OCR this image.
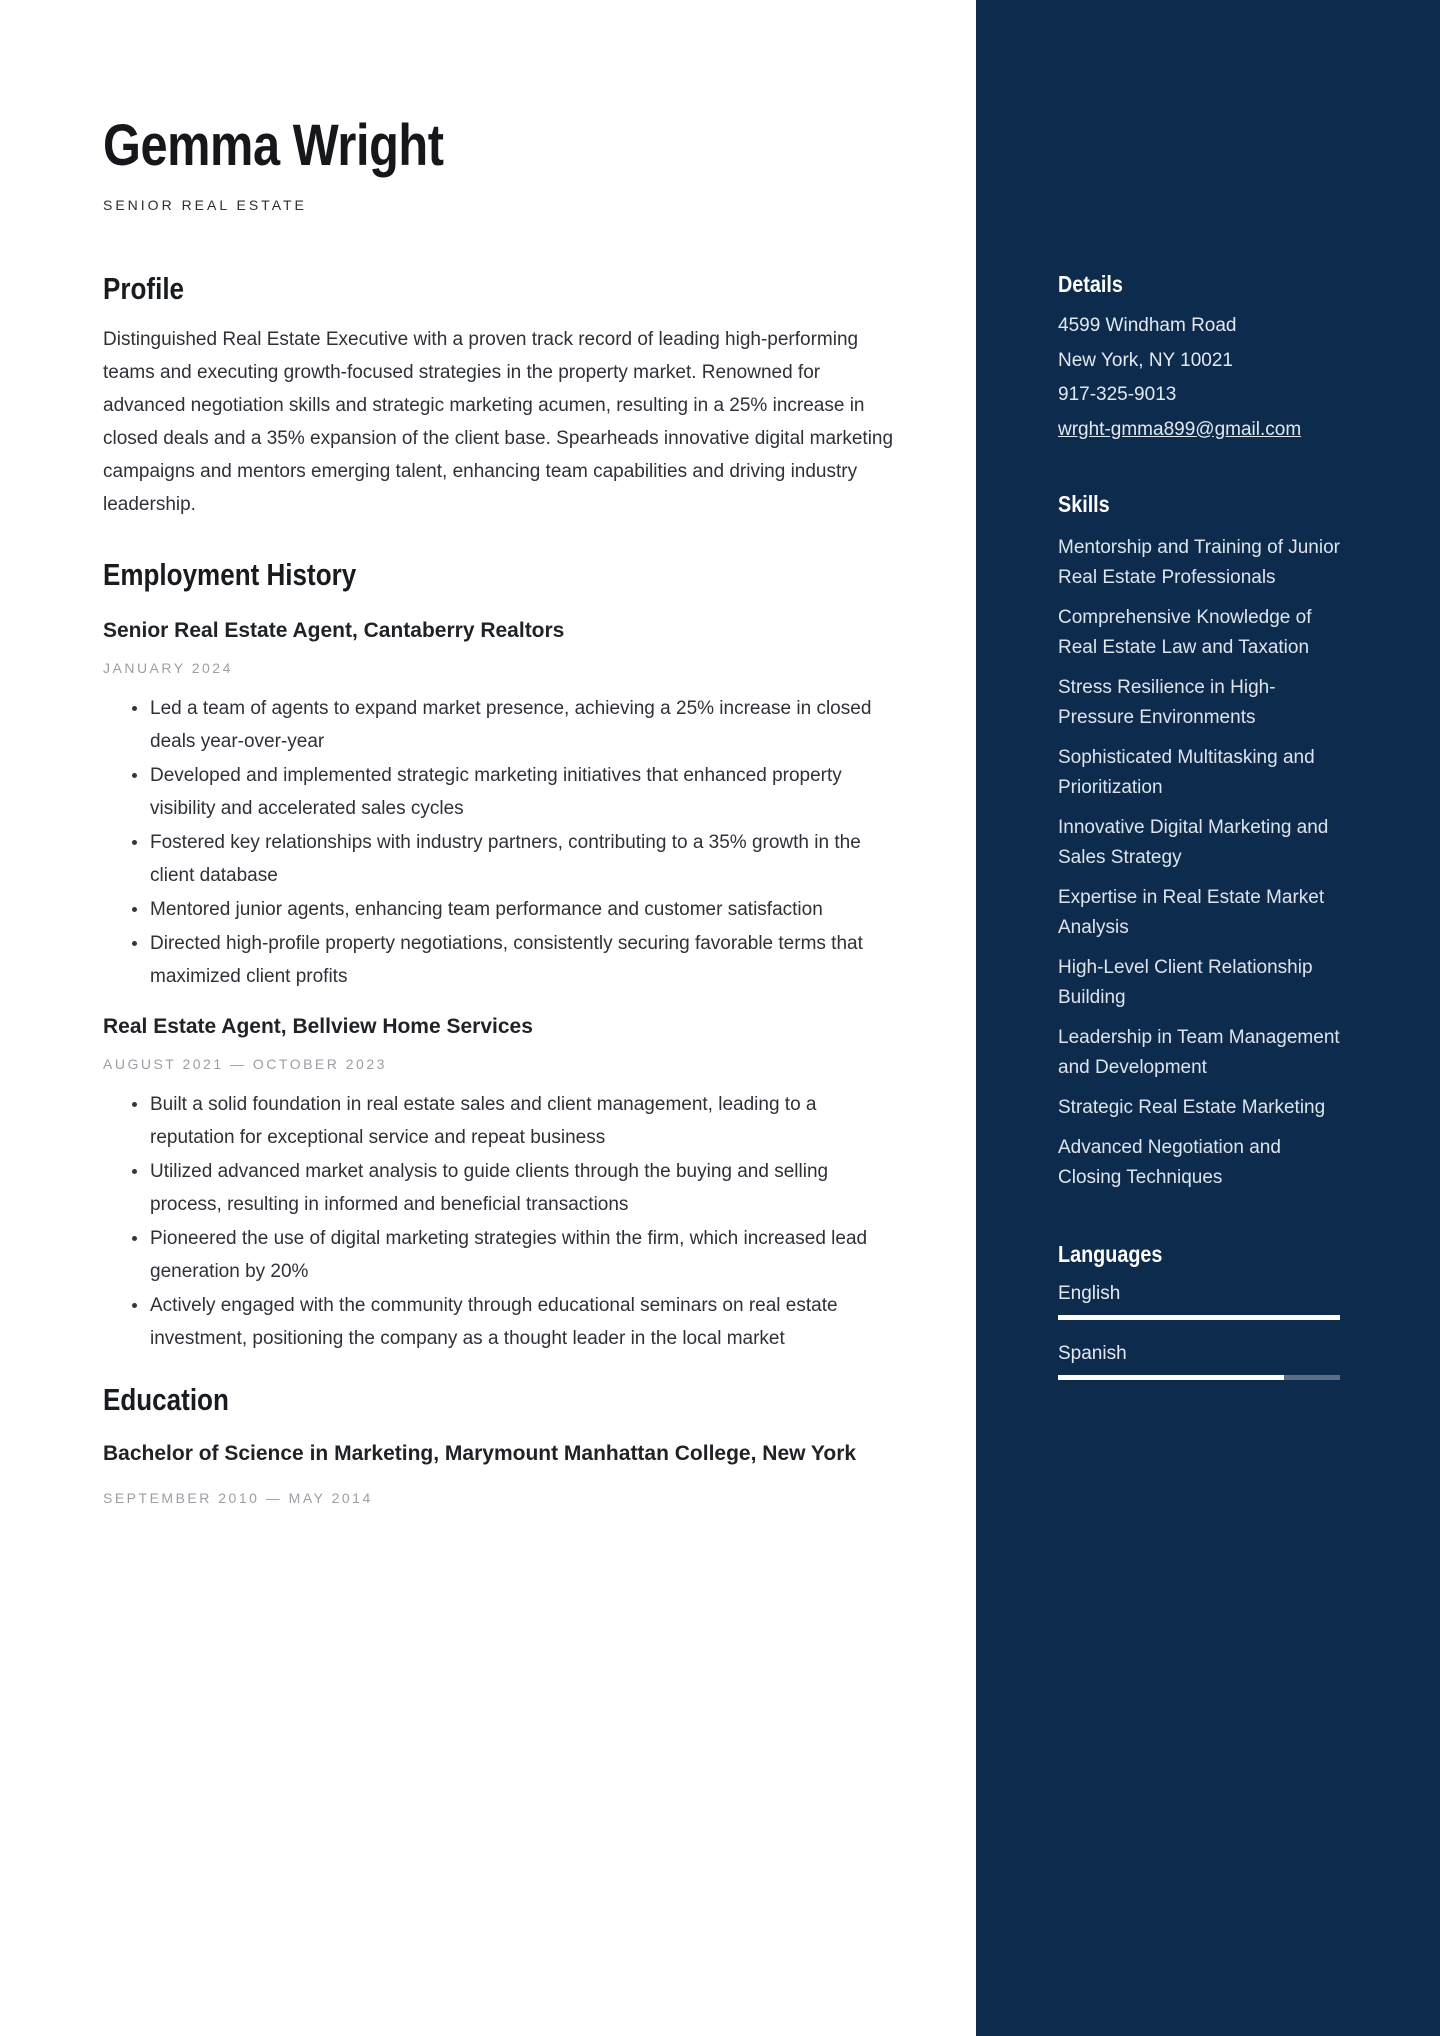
Gemma Wright
SENIOR REAL ESTATE
Profile

Distinguished Real Estate Executive with a proven track record of leading high-performing teams and executing growth-focused strategies in the property market. Renowned for advanced negotiation skills and strategic marketing acumen, resulting in a 25% increase in closed deals and a 35% expansion of the client base. Spearheads innovative digital marketing campaigns and mentors emerging talent, enhancing team capabilities and driving industry leadership.

Employment History
Senior Real Estate Agent, Cantaberry Realtors
JANUARY 2024
Led a team of agents to expand market presence, achieving a 25% increase in closed deals year-over-year
Developed and implemented strategic marketing initiatives that enhanced property visibility and accelerated sales cycles
Fostered key relationships with industry partners, contributing to a 35% growth in the client database
Mentored junior agents, enhancing team performance and customer satisfaction
Directed high-profile property negotiations, consistently securing favorable terms that maximized client profits
Real Estate Agent, Bellview Home Services
AUGUST 2021 — OCTOBER 2023
Built a solid foundation in real estate sales and client management, leading to a reputation for exceptional service and repeat business
Utilized advanced market analysis to guide clients through the buying and selling process, resulting in informed and beneficial transactions
Pioneered the use of digital marketing strategies within the firm, which increased lead generation by 20%
Actively engaged with the community through educational seminars on real estate investment, positioning the company as a thought leader in the local market
Education
Bachelor of Science in Marketing, Marymount Manhattan College, New York
SEPTEMBER 2010 — MAY 2014
Details
4599 Windham Road
New York, NY 10021
917-325-9013
wrght-gmma899@gmail.com
Skills
Mentorship and Training of Junior Real Estate Professionals
Comprehensive Knowledge of Real Estate Law and Taxation
Stress Resilience in High-Pressure Environments
Sophisticated Multitasking and Prioritization
Innovative Digital Marketing and Sales Strategy
Expertise in Real Estate Market Analysis
High-Level Client Relationship Building
Leadership in Team Management and Development
Strategic Real Estate Marketing
Advanced Negotiation and Closing Techniques
Languages
English
Spanish
